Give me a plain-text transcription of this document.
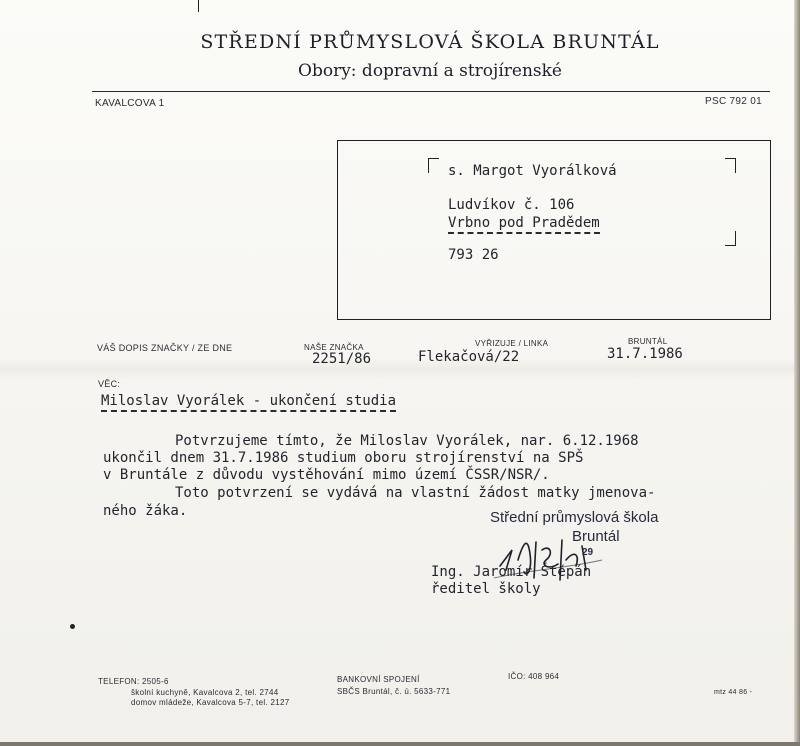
STŘEDNÍ PRŮMYSLOVÁ ŠKOLA BRUNTÁL
Obory: dopravní a strojírenské
KAVALCOVA 1	PSC 792 01
s. Margot Vyorálková
Ludvíkov č. 106
Vrbno pod Pradědem
793 26
VÁŠ DOPIS ZNAČKY / ZE DNE	NAŠE ZNAČKA
2251/86
VYŘIZUJE / LINKA
Flekačová/22
BRUNTÁL
31.7.1986
VĚC:
Miloslav Vyorálek - ukončení studia
Potvrzujeme tímto, že Miloslav Vyorálek, nar. 6.12.1968
ukončil dnem 31.7.1986 studium oboru strojírenství na SPŠ
v Bruntále z důvodu vystěhování mimo území ČSSR/NSR/.
Toto potvrzení se vydává na vlastní žádost matky jmenova-
ného žáka.	Střední průmyslová škola
Bruntál
29
Ing. Jaromír Štěpán
ředitel školy
TELEFON: 2505-6
školní kuchyně, Kavalcova 2, tel. 2744
domov mládeže, Kavalcova 5-7, tel. 2127
BANKOVNÍ SPOJENÍ
SBČS Bruntál, č. ú. 5633-771
IČO: 408 964
mtz 44 86 -
